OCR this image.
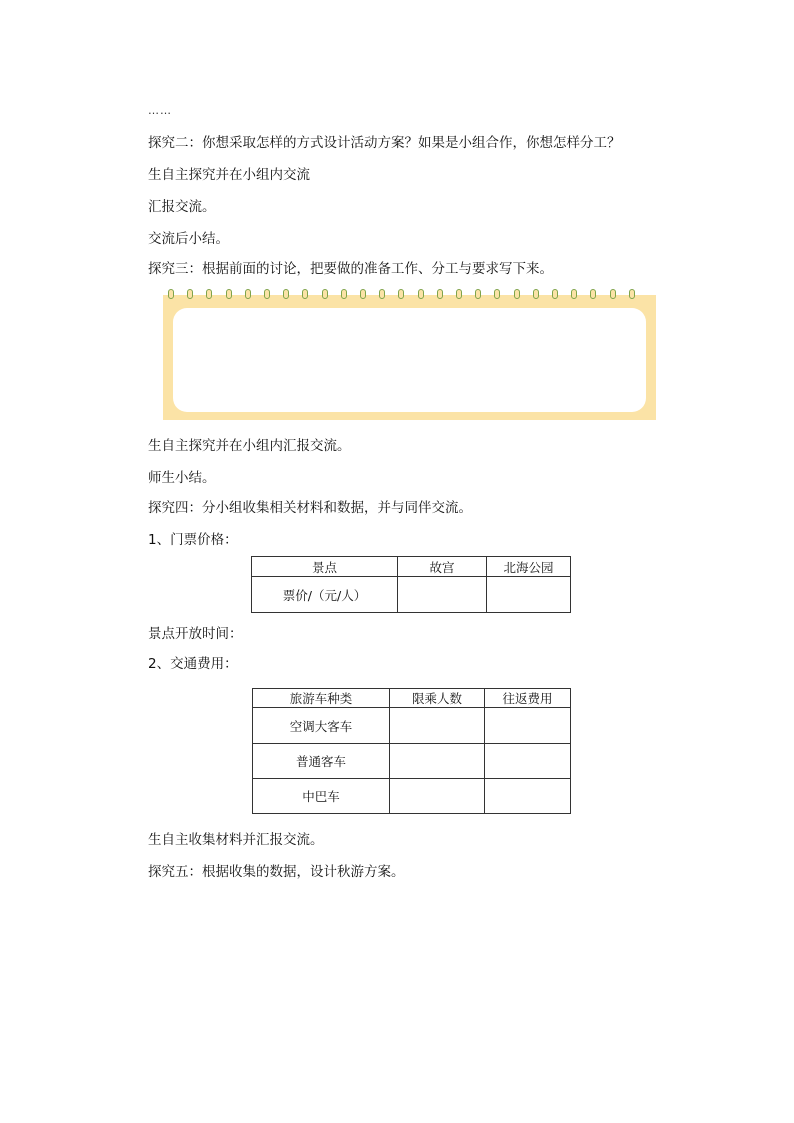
……
探究二：你想采取怎样的方式设计活动方案？如果是小组合作，你想怎样分工？
生自主探究并在小组内交流
汇报交流。
交流后小结。
探究三：根据前面的讨论，把要做的准备工作、分工与要求写下来。
生自主探究并在小组内汇报交流。
师生小结。
探究四：分小组收集相关材料和数据，并与同伴交流。
1、门票价格：
景点	故宫	北海公园
票价/（元/人）		
景点开放时间：
2、交通费用：
旅游车种类	限乘人数	往返费用
空调大客车		
普通客车		
中巴车		
生自主收集材料并汇报交流。
探究五：根据收集的数据，设计秋游方案。
